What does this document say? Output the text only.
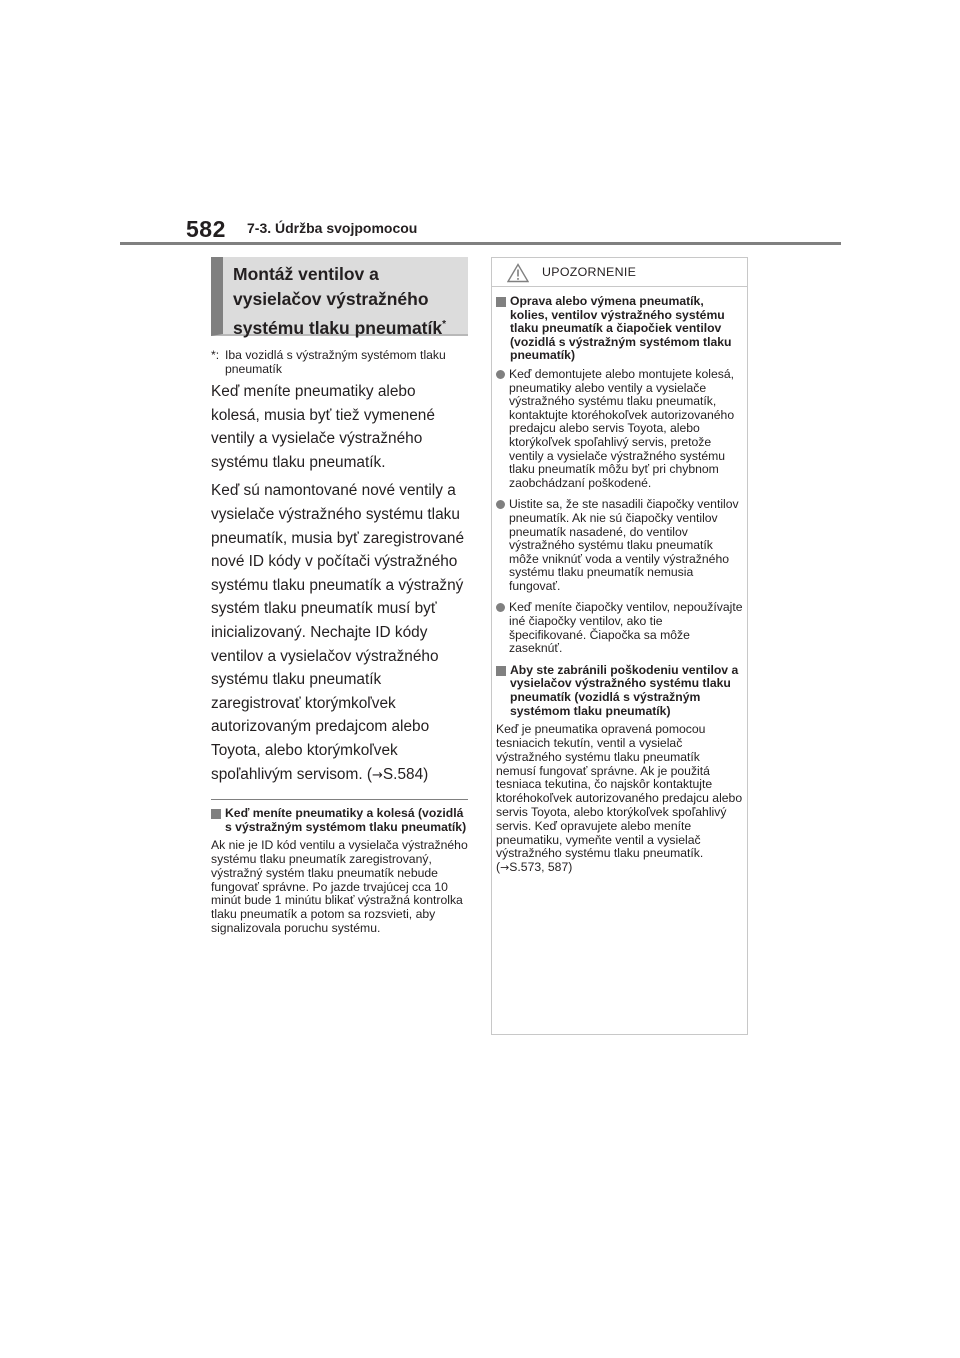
582 7-3. Údržba svojpomocou

Montáž ventilov a vysielačov výstražného systému tlaku pneumatík*

*: Iba vozidlá s výstražným systémom tlaku pneumatík

Keď meníte pneumatiky alebo kolesá, musia byť tiež vymenené ventily a vysielače výstražného systému tlaku pneumatík.

Keď sú namontované nové ventily a vysielače výstražného systému tlaku pneumatík, musia byť zaregistrované nové ID kódy v počítači výstražného systému tlaku pneumatík a výstražný systém tlaku pneumatík musí byť inicializovaný. Nechajte ID kódy ventilov a vysielačov výstražného systému tlaku pneumatík zaregistrovať ktorýmkoľvek autorizovaným predajcom alebo Toyota, alebo ktorýmkoľvek spoľahlivým servisom. (→S.584)

Keď meníte pneumatiky a kolesá (vozidlá s výstražným systémom tlaku pneumatík)

Ak nie je ID kód ventilu a vysielača výstražného systému tlaku pneumatík zaregistrovaný, výstražný systém tlaku pneumatík nebude fungovať správne. Po jazde trvajúcej cca 10 minút bude 1 minútu blikať výstražná kontrolka tlaku pneumatík a potom sa rozsvieti, aby signalizovala poruchu systému.

UPOZORNENIE
Oprava alebo výmena pneumatík, kolies, ventilov výstražného systému tlaku pneumatík a čiapočiek ventilov (vozidlá s výstražným systémom tlaku pneumatík)
Keď demontujete alebo montujete kolesá, pneumatiky alebo ventily a vysielače výstražného systému tlaku pneumatík, kontaktujte ktoréhokoľvek autorizovaného predajcu alebo servis Toyota, alebo ktorýkoľvek spoľahlivý servis, pretože ventily a vysielače výstražného systému tlaku pneumatík môžu byť pri chybnom zaobchádzaní poškodené.
Uistite sa, že ste nasadili čiapočky ventilov pneumatík. Ak nie sú čiapočky ventilov pneumatík nasadené, do ventilov výstražného systému tlaku pneumatík môže vniknúť voda a ventily výstražného systému tlaku pneumatík nemusia fungovať.
Keď meníte čiapočky ventilov, nepoužívajte iné čiapočky ventilov, ako tie špecifikované. Čiapočka sa môže zaseknúť.
Aby ste zabránili poškodeniu ventilov a vysielačov výstražného systému tlaku pneumatík (vozidlá s výstražným systémom tlaku pneumatík)

Keď je pneumatika opravená pomocou tesniacich tekutín, ventil a vysielač výstražného systému tlaku pneumatík nemusí fungovať správne. Ak je použitá tesniaca tekutina, čo najskôr kontaktujte ktoréhokoľvek autorizovaného predajcu alebo servis Toyota, alebo ktorýkoľvek spoľahlivý servis. Keď opravujete alebo meníte pneumatiku, vymeňte ventil a vysielač výstražného systému tlaku pneumatík. (→S.573, 587)
